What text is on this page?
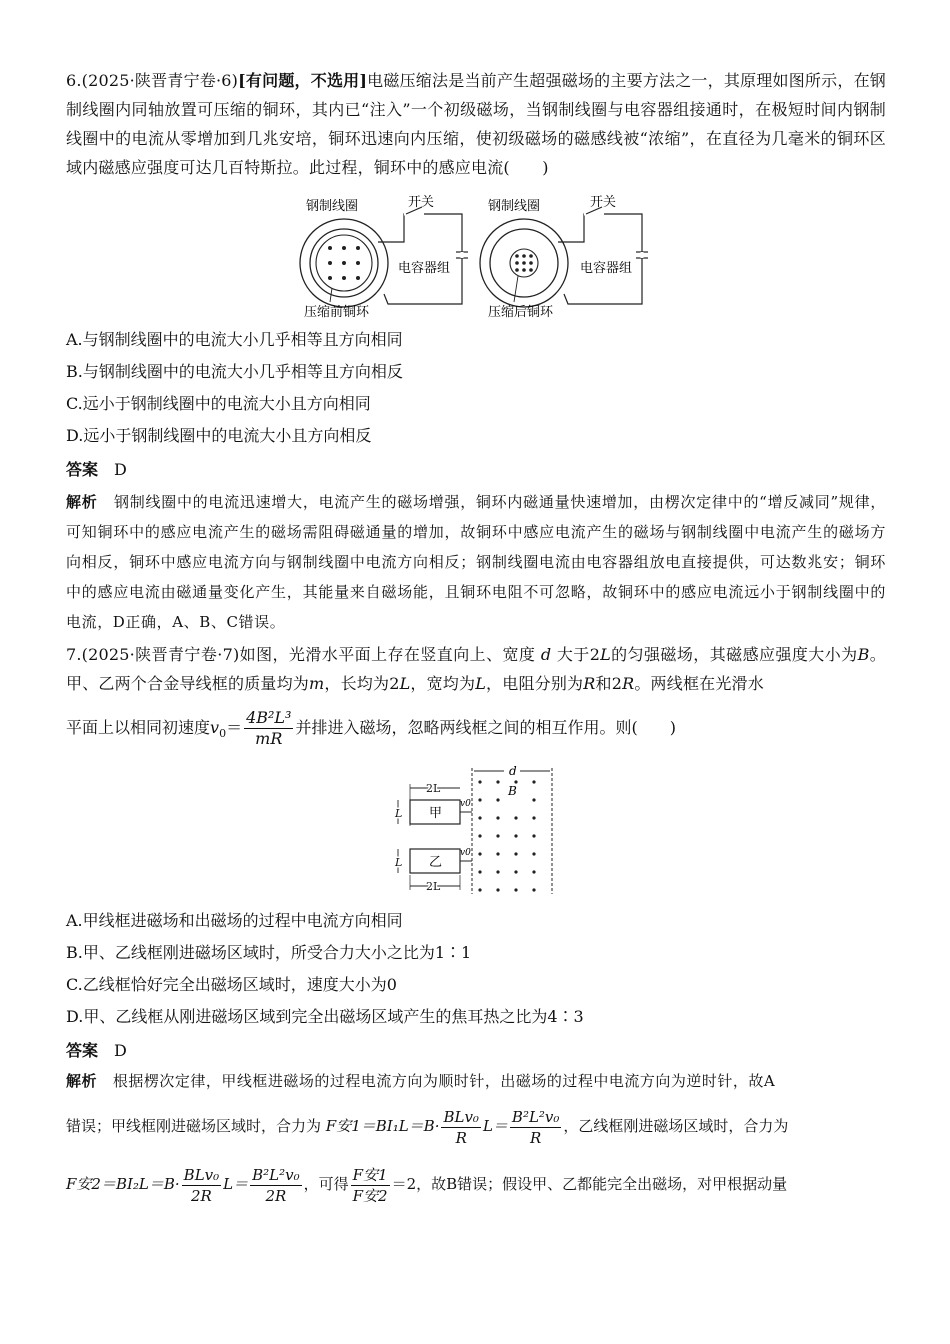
6.(2025·陕晋青宁卷·6)[有问题，不选用]电磁压缩法是当前产生超强磁场的主要方法之一，其原理如图所示，在钢制线圈内同轴放置可压缩的铜环，其内已“注入”一个初级磁场，当钢制线圈与电容器组接通时，在极短时间内钢制线圈中的电流从零增加到几兆安培，铜环迅速向内压缩，使初级磁场的磁感线被“浓缩”，在直径为几毫米的铜环区域内磁感应强度可达几百特斯拉。此过程，铜环中的感应电流(　　)
钢制线圈	开关
电容器组
压缩前铜环
钢制线圈	开关
电容器组
压缩后铜环
A.与钢制线圈中的电流大小几乎相等且方向相同
B.与钢制线圈中的电流大小几乎相等且方向相反
C.远小于钢制线圈中的电流大小且方向相同
D.远小于钢制线圈中的电流大小且方向相反
答案 D
解析 钢制线圈中的电流迅速增大，电流产生的磁场增强，铜环内磁通量快速增加，由楞次定律中的“增反减同”规律，可知铜环中的感应电流产生的磁场需阻碍磁通量的增加，故铜环中感应电流产生的磁场与钢制线圈中电流产生的磁场方向相反，铜环中感应电流方向与钢制线圈中电流方向相反；钢制线圈电流由电容器组放电直接提供，可达数兆安；铜环中的感应电流由磁通量变化产生，其能量来自磁场能，且铜环电阻不可忽略，故铜环中的感应电流远小于钢制线圈中的电流，D正确，A、B、C错误。
7.(2025·陕晋青宁卷·7)如图，光滑水平面上存在竖直向上、宽度 d 大于2L的匀强磁场，其磁感应强度大小为B。甲、乙两个合金导线框的质量均为m，长均为2L，宽均为L，电阻分别为R和2R。两线框在光滑水
平面上以相同初速度$v_0= \frac{\text{4B²L³}}{mR}$ 并排进入磁场，忽略两线框之间的相互作用。则(　　)
d
B
2L
甲
L
v0
乙
L
v0
2L
A.甲线框进磁场和出磁场的过程中电流方向相同
B.甲、乙线框刚进磁场区域时，所受合力大小之比为1∶1
C.乙线框恰好完全出磁场区域时，速度大小为0
D.甲、乙线框从刚进磁场区域到完全出磁场区域产生的焦耳热之比为4∶3
答案 D
解析 根据楞次定律，甲线框进磁场的过程电流方向为顺时针，出磁场的过程中电流方向为逆时针，故A
错误；甲线框刚进磁场区域时，合力为 F安$1=BI_1L=B\cdot \frac{\text{BLv₀}}{R} L= \frac{\text{B²L²v₀}}{R}$ ，乙线框刚进磁场区域时，合力为
F安$2=BI_2L=B\cdot \frac{\text{BLv₀}}{2R} L= \frac{\text{B²L²v₀}}{2R}$ ，可得 $\frac{\text{F安1}}{\text{F安2}} =2$，故B错误；假设甲、乙都能完全出磁场，对甲根据动量
